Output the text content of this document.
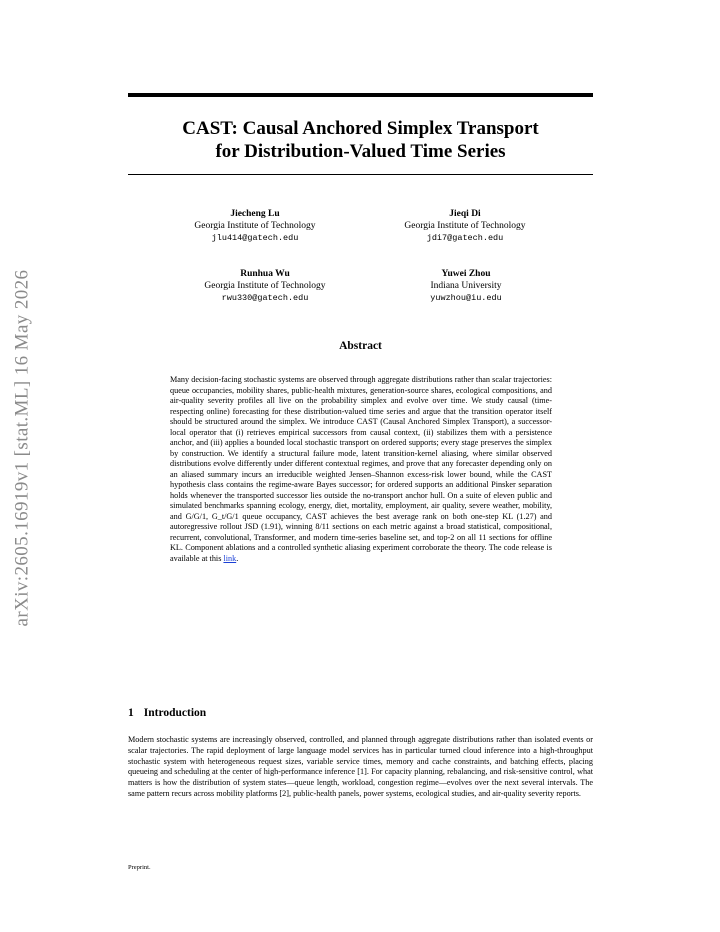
arXiv:2605.16919v1 [stat.ML] 16 May 2026
CAST: Causal Anchored Simplex Transport
for Distribution-Valued Time Series
Jiecheng Lu
Georgia Institute of Technology
jlu414@gatech.edu
Jieqi Di
Georgia Institute of Technology
jdi7@gatech.edu
Runhua Wu
Georgia Institute of Technology
rwu330@gatech.edu
Yuwei Zhou
Indiana University
yuwzhou@iu.edu
Abstract
Many decision-facing stochastic systems are observed through aggregate distributions rather than scalar trajectories: queue occupancies, mobility shares, public-health mixtures, generation-source shares, ecological compositions, and air-quality severity profiles all live on the probability simplex and evolve over time. We study causal (time-respecting online) forecasting for these distribution-valued time series and argue that the transition operator itself should be structured around the simplex. We introduce CAST (Causal Anchored Simplex Transport), a successor-local operator that (i) retrieves empirical successors from causal context, (ii) stabilizes them with a persistence anchor, and (iii) applies a bounded local stochastic transport on ordered supports; every stage preserves the simplex by construction. We identify a structural failure mode, latent transition-kernel aliasing, where similar observed distributions evolve differently under different contextual regimes, and prove that any forecaster depending only on an aliased summary incurs an irreducible weighted Jensen–Shannon excess-risk lower bound, while the CAST hypothesis class contains the regime-aware Bayes successor; for ordered supports an additional Pinsker separation holds whenever the transported successor lies outside the no-transport anchor hull. On a suite of eleven public and simulated benchmarks spanning ecology, energy, diet, mortality, employment, air quality, severe weather, mobility, and G/G/1, G_t/G/1 queue occupancy, CAST achieves the best average rank on both one-step KL (1.27) and autoregressive rollout JSD (1.91), winning 8/11 sections on each metric against a broad statistical, compositional, recurrent, convolutional, Transformer, and modern time-series baseline set, and top-2 on all 11 sections for offline KL. Component ablations and a controlled synthetic aliasing experiment corroborate the theory. The code release is available at this link.
1 Introduction
Modern stochastic systems are increasingly observed, controlled, and planned through aggregate distributions rather than isolated events or scalar trajectories. The rapid deployment of large language model services has in particular turned cloud inference into a high-throughput stochastic system with heterogeneous request sizes, variable service times, memory and cache constraints, and batching effects, placing queueing and scheduling at the center of high-performance inference [1]. For capacity planning, rebalancing, and risk-sensitive control, what matters is how the distribution of system states—queue length, workload, congestion regime—evolves over the next several intervals. The same pattern recurs across mobility platforms [2], public-health panels, power systems, ecological studies, and air-quality severity reports.
Preprint.
